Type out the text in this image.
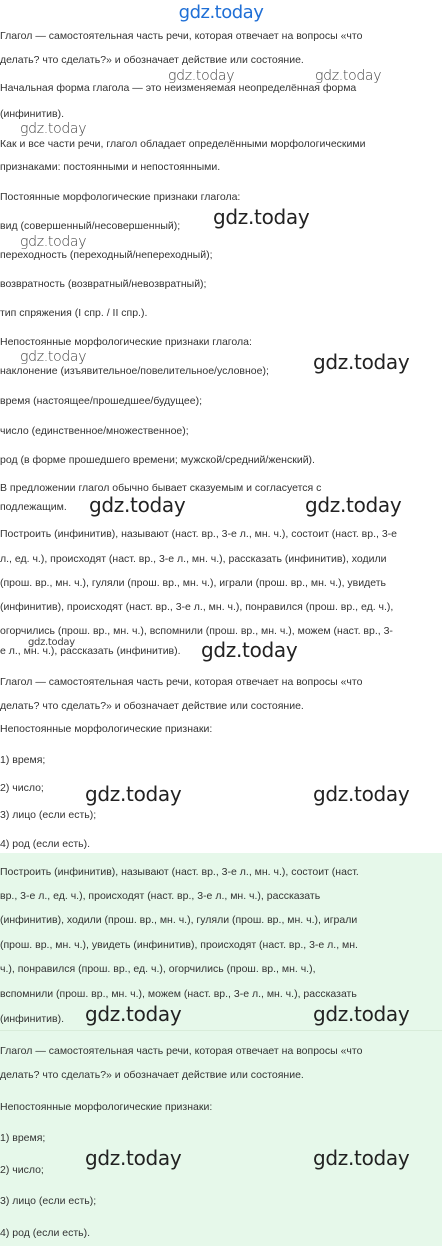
gdz.today
Глагол — самостоятельная часть речи, которая отвечает на вопросы «что
делать? что сделать?» и обозначает действие или состояние.
Начальная форма глагола — это неизменяемая неопределённая форма
(инфинитив).
Как и все части речи, глагол обладает определёнными морфологическими
признаками: постоянными и непостоянными.
Постоянные морфологические признаки глагола:
вид (совершенный/несовершенный);
переходность (переходный/непереходный);
возвратность (возвратный/невозвратный);
тип спряжения (I спр. / II спр.).
Непостоянные морфологические признаки глагола:
наклонение (изъявительное/повелительное/условное);
время (настоящее/прошедшее/будущее);
число (единственное/множественное);
род (в форме прошедшего времени; мужской/средний/женский).
В предложении глагол обычно бывает сказуемым и согласуется с
подлежащим.
Построить (инфинитив), называют (наст. вр., 3-е л., мн. ч.), состоит (наст. вр., 3-е
л., ед. ч.), происходят (наст. вр., 3-е л., мн. ч.), рассказать (инфинитив), ходили
(прош. вр., мн. ч.), гуляли (прош. вр., мн. ч.), играли (прош. вр., мн. ч.), увидеть
(инфинитив), происходят (наст. вр., 3-е л., мн. ч.), понравился (прош. вр., ед. ч.),
огорчились (прош. вр., мн. ч.), вспомнили (прош. вр., мн. ч.), можем (наст. вр., 3-
е л., мн. ч.), рассказать (инфинитив).
Глагол — самостоятельная часть речи, которая отвечает на вопросы «что
делать? что сделать?» и обозначает действие или состояние.
Непостоянные морфологические признаки:
1) время;
2) число;
3) лицо (если есть);
4) род (если есть).
Построить (инфинитив), называют (наст. вр., 3-е л., мн. ч.), состоит (наст.
вр., 3-е л., ед. ч.), происходят (наст. вр., 3-е л., мн. ч.), рассказать
(инфинитив), ходили (прош. вр., мн. ч.), гуляли (прош. вр., мн. ч.), играли
(прош. вр., мн. ч.), увидеть (инфинитив), происходят (наст. вр., 3-е л., мн.
ч.), понравился (прош. вр., ед. ч.), огорчились (прош. вр., мн. ч.),
вспомнили (прош. вр., мн. ч.), можем (наст. вр., 3-е л., мн. ч.), рассказать
(инфинитив).
Глагол — самостоятельная часть речи, которая отвечает на вопросы «что
делать? что сделать?» и обозначает действие или состояние.
Непостоянные морфологические признаки:
1) время;
2) число;
3) лицо (если есть);
4) род (если есть).
gdz.today	gdz.today
gdz.today
gdz.today
gdz.today
gdz.today	gdz.today
gdz.today	gdz.today
gdz.today	gdz.today
gdz.today	gdz.today
gdz.today	gdz.today
gdz.today	gdz.today
